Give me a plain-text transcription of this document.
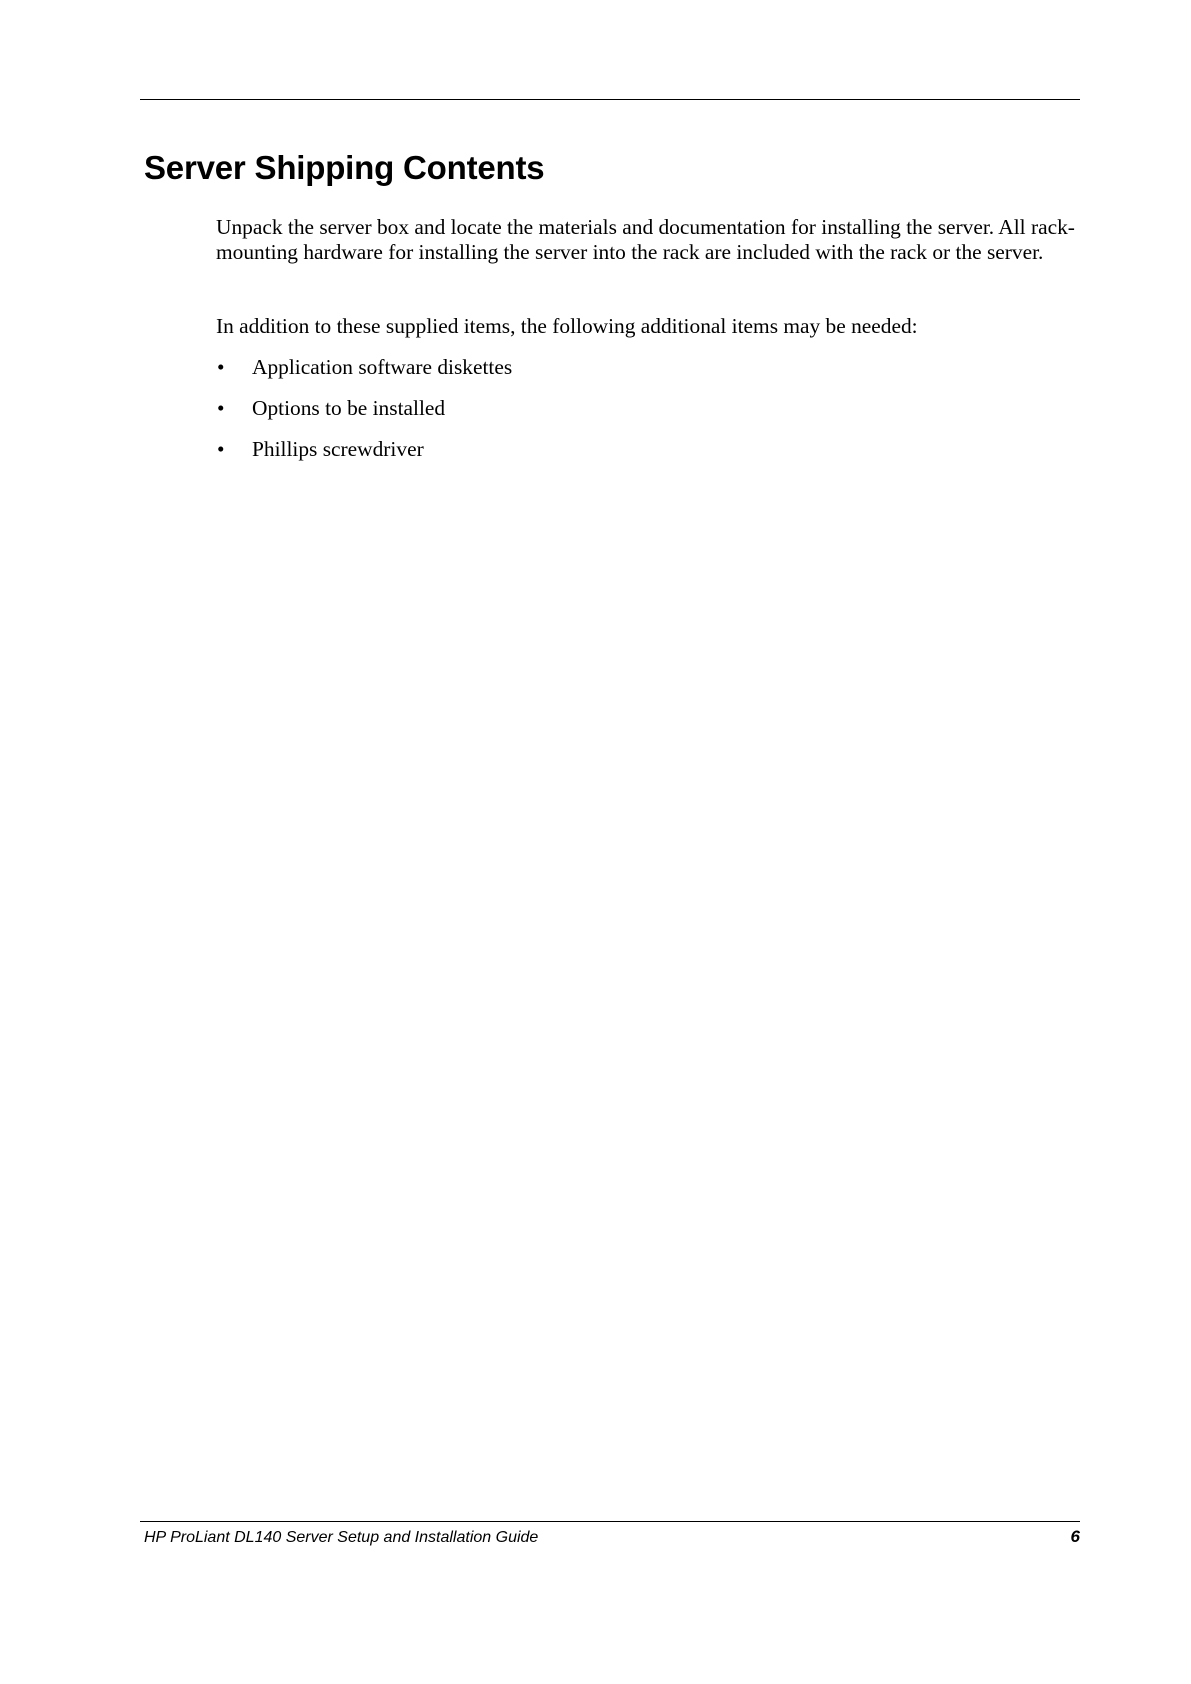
Server Shipping Contents

Unpack the server box and locate the materials and documentation for installing the server. All rack-mounting hardware for installing the server into the rack are included with the rack or the server.

In addition to these supplied items, the following additional items may be needed:

•	Application software diskettes
•	Options to be installed
•	Phillips screwdriver
HP ProLiant DL140 Server Setup and Installation Guide	6
